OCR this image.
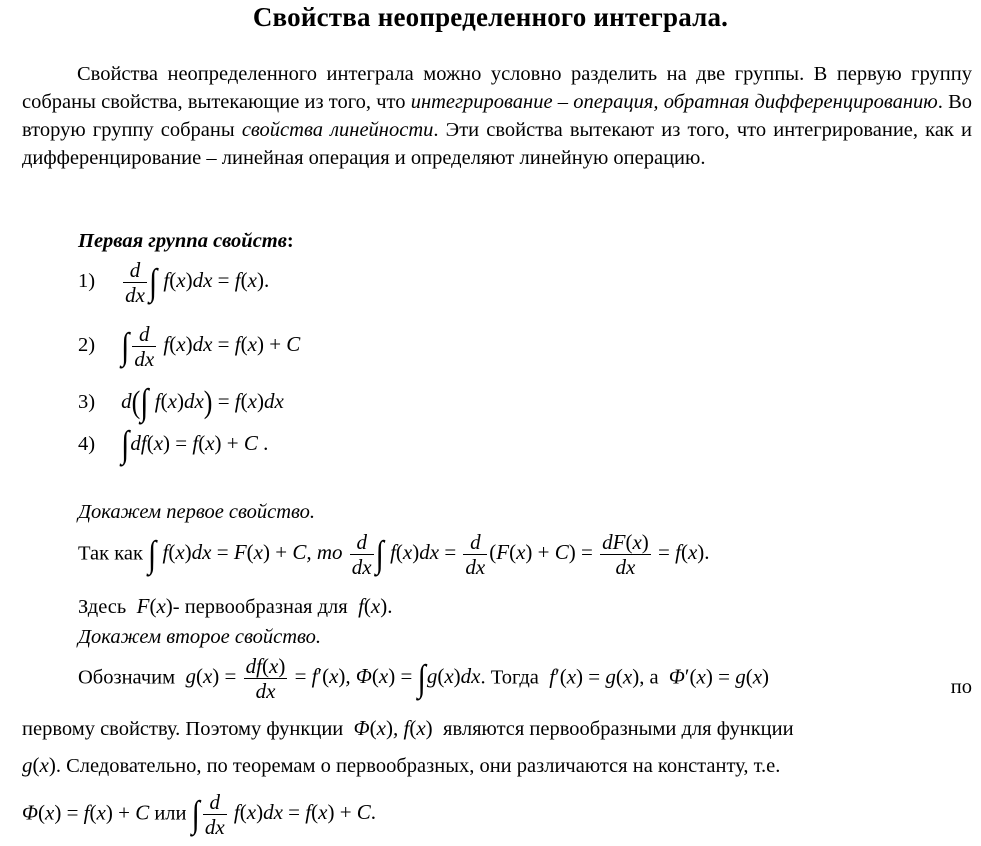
Свойства неопределенного интеграла.
Свойства неопределенного интеграла можно условно разделить на две группы. В первую группу собраны свойства, вытекающие из того, что интегрирование – операция, обратная дифференцированию. Во вторую группу собраны свойства линейности. Эти свойства вытекают из того, что интегрирование, как и дифференцирование – линейная операция и определяют линейную операцию.
Первая группа свойств:
$1) \frac{d}{dx}$ ∫ f(x)dx = f(x).
2) ∫ $\frac{d}{dx} f(x)dx = f(x) + C$
3) d(∫ f(x)dx) = f(x)dx
4) ∫df(x) = f(x) + C .
Докажем первое свойство.
Так как ∫ f(x)dx = F(x) + C, то $\frac{d}{dx}$ ∫ $f(x)dx = \frac{d}{dx} (F(x) + C) = \frac{dF(x)}{dx} = f(x)$.
Здесь  F(x)- первообразная для  f(x).
Докажем второе свойство.
Обозначим  $g(x) = \frac{df(x)}{dx} = f'(x)$, Φ(x) = ∫g(x)dx. Тогда  f′(x) = g(x), а  Φ′(x) = g(x)	по
первому свойству. Поэтому функции  Φ(x), f(x) являются первообразными для функции
g(x). Следовательно, по теоремам о первообразных, они различаются на константу, т.е.
Φ(x) = f(x) + C или ∫ $\frac{d}{dx} f(x)dx = f(x) + C$.
